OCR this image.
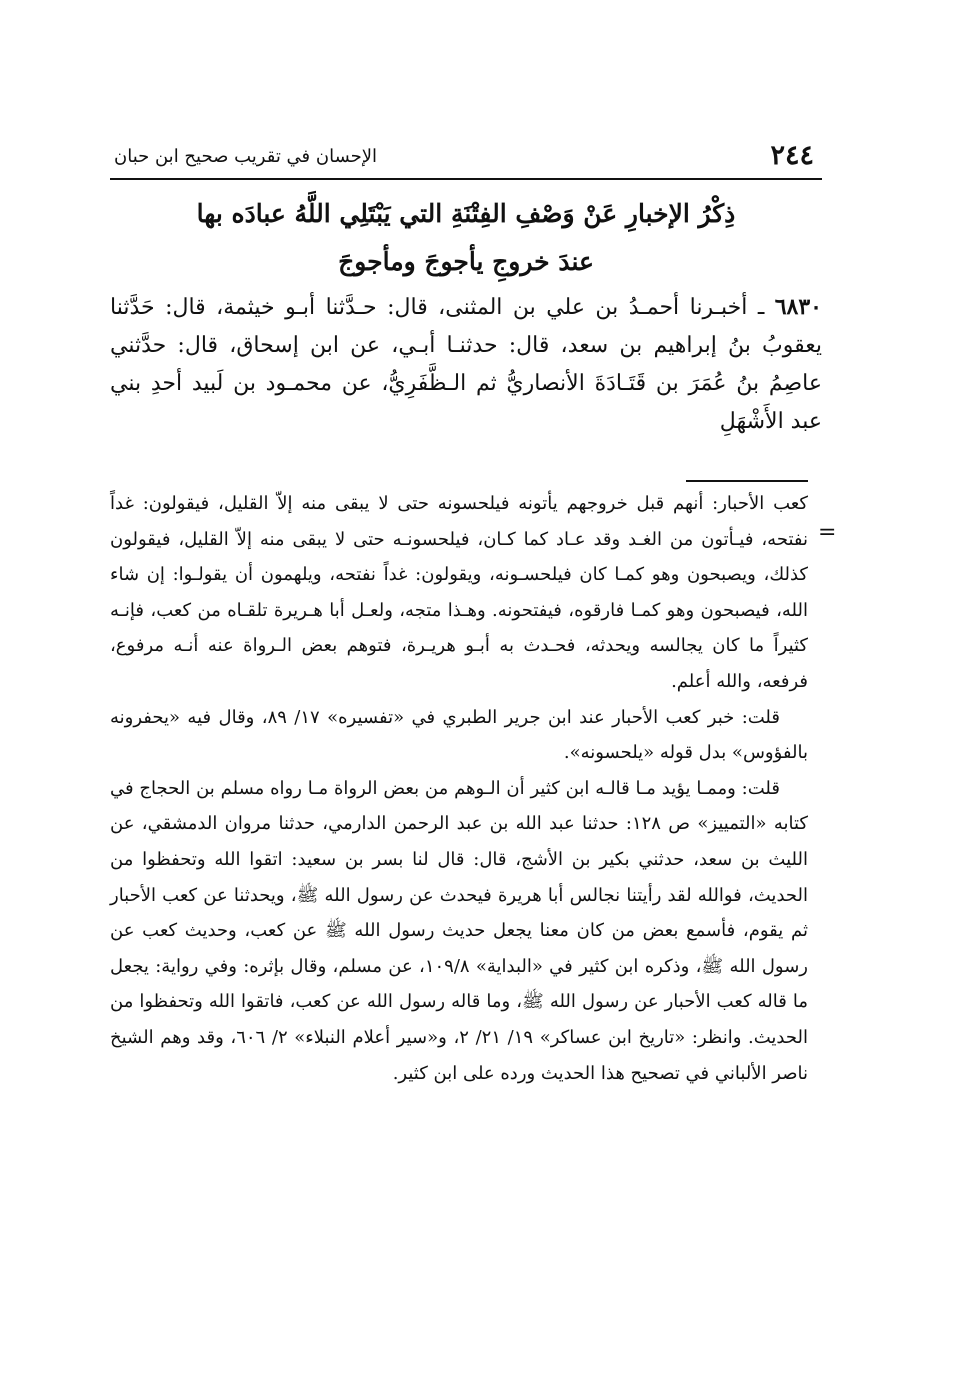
٢٤٤
الإحسان في تقريب صحيح ابن حبان
ذِكْرُ الإخبارِ عَنْ وَصْفِ الفِتْنَةِ التي يَبْتَلِي اللَّهُ عبادَه بها
عندَ خروجِ يأجوجَ ومأجوجَ

٦٨٣٠ ـ أخبـرنا أحمـدُ بن علي بن المثنى، قال: حـدَّثنا أبـو خيثمة، قال: حَدَّثنا يعقوبُ بنُ إبراهيم بن سعد، قال: حدثنـا أبـي، عن ابن إسحاق، قال: حدَّثني عاصِمُ بنُ عُمَرَ بن قَتَـادَةَ الأنصاريُّ ثم الـظَّفَرِيُّ، عن محمـود بن لَبيد أحدِ بني عبد الأَشْهَلِ

=

كعب الأحبار: أنهم قبل خروجهم يأتونه فيلحسونه حتى لا يبقى منه إلاّ القليل، فيقولون: غداً نفتحه، فيـأتون من الغـد وقد عـاد كما كـان، فيلحسونـه حتى لا يبقى منه إلاّ القليل، فيقولون كذلك، ويصبحون وهو كمـا كان فيلحسـونه، ويقولون: غداً نفتحه، ويلهمون أن يقولـوا: إن شاء الله، فيصبحون وهو كمـا فارقوه، فيفتحونه. وهـذا متجه، ولعـل أبا هـريرة تلقـاه من كعب، فإنـه كثيراً ما كان يجالسه ويحدثه، فحـدث به أبـو هريـرة، فتوهم بعض الـرواة عنه أنـه مرفوع، فرفعه، والله أعلم.

قلت: خبر كعب الأحبار عند ابن جرير الطبري في «تفسيره» ١٧/ ٨٩، وقال فيه «يحفرونه بالفؤوس» بدل قوله «يلحسونه».

قلت: وممـا يؤيد مـا قالـه ابن كثير أن الـوهم من بعض الرواة مـا رواه مسلم بن الحجاج في كتابه «التمييز» ص ١٢٨: حدثنا عبد الله بن عبد الرحمن الدارمي، حدثنا مروان الدمشقي، عن الليث بن سعد، حدثني بكير بن الأشج، قال: قال لنا بسر بن سعيد: اتقوا الله وتحفظوا من الحديث، فوالله لقد رأيتنا نجالس أبا هريرة فيحدث عن رسول الله ﷺ، ويحدثنا عن كعب الأحبار ثم يقوم، فأسمع بعض من كان معنا يجعل حديث رسول الله ﷺ عن كعب، وحديث كعب عن رسول الله ﷺ، وذكره ابن كثير في «البداية» ١٠٩/٨، عن مسلم، وقال بإثره: وفي رواية: يجعل ما قاله كعب الأحبار عن رسول الله ﷺ، وما قاله رسول الله عن كعب، فاتقوا الله وتحفظوا من الحديث. وانظر: «تاريخ ابن عساكر» ١٩/ ٢١/ ٢، و«سير أعلام النبلاء» ٢/ ٦٠٦، وقد وهم الشيخ ناصر الألباني في تصحيح هذا الحديث ورده على ابن كثير.
